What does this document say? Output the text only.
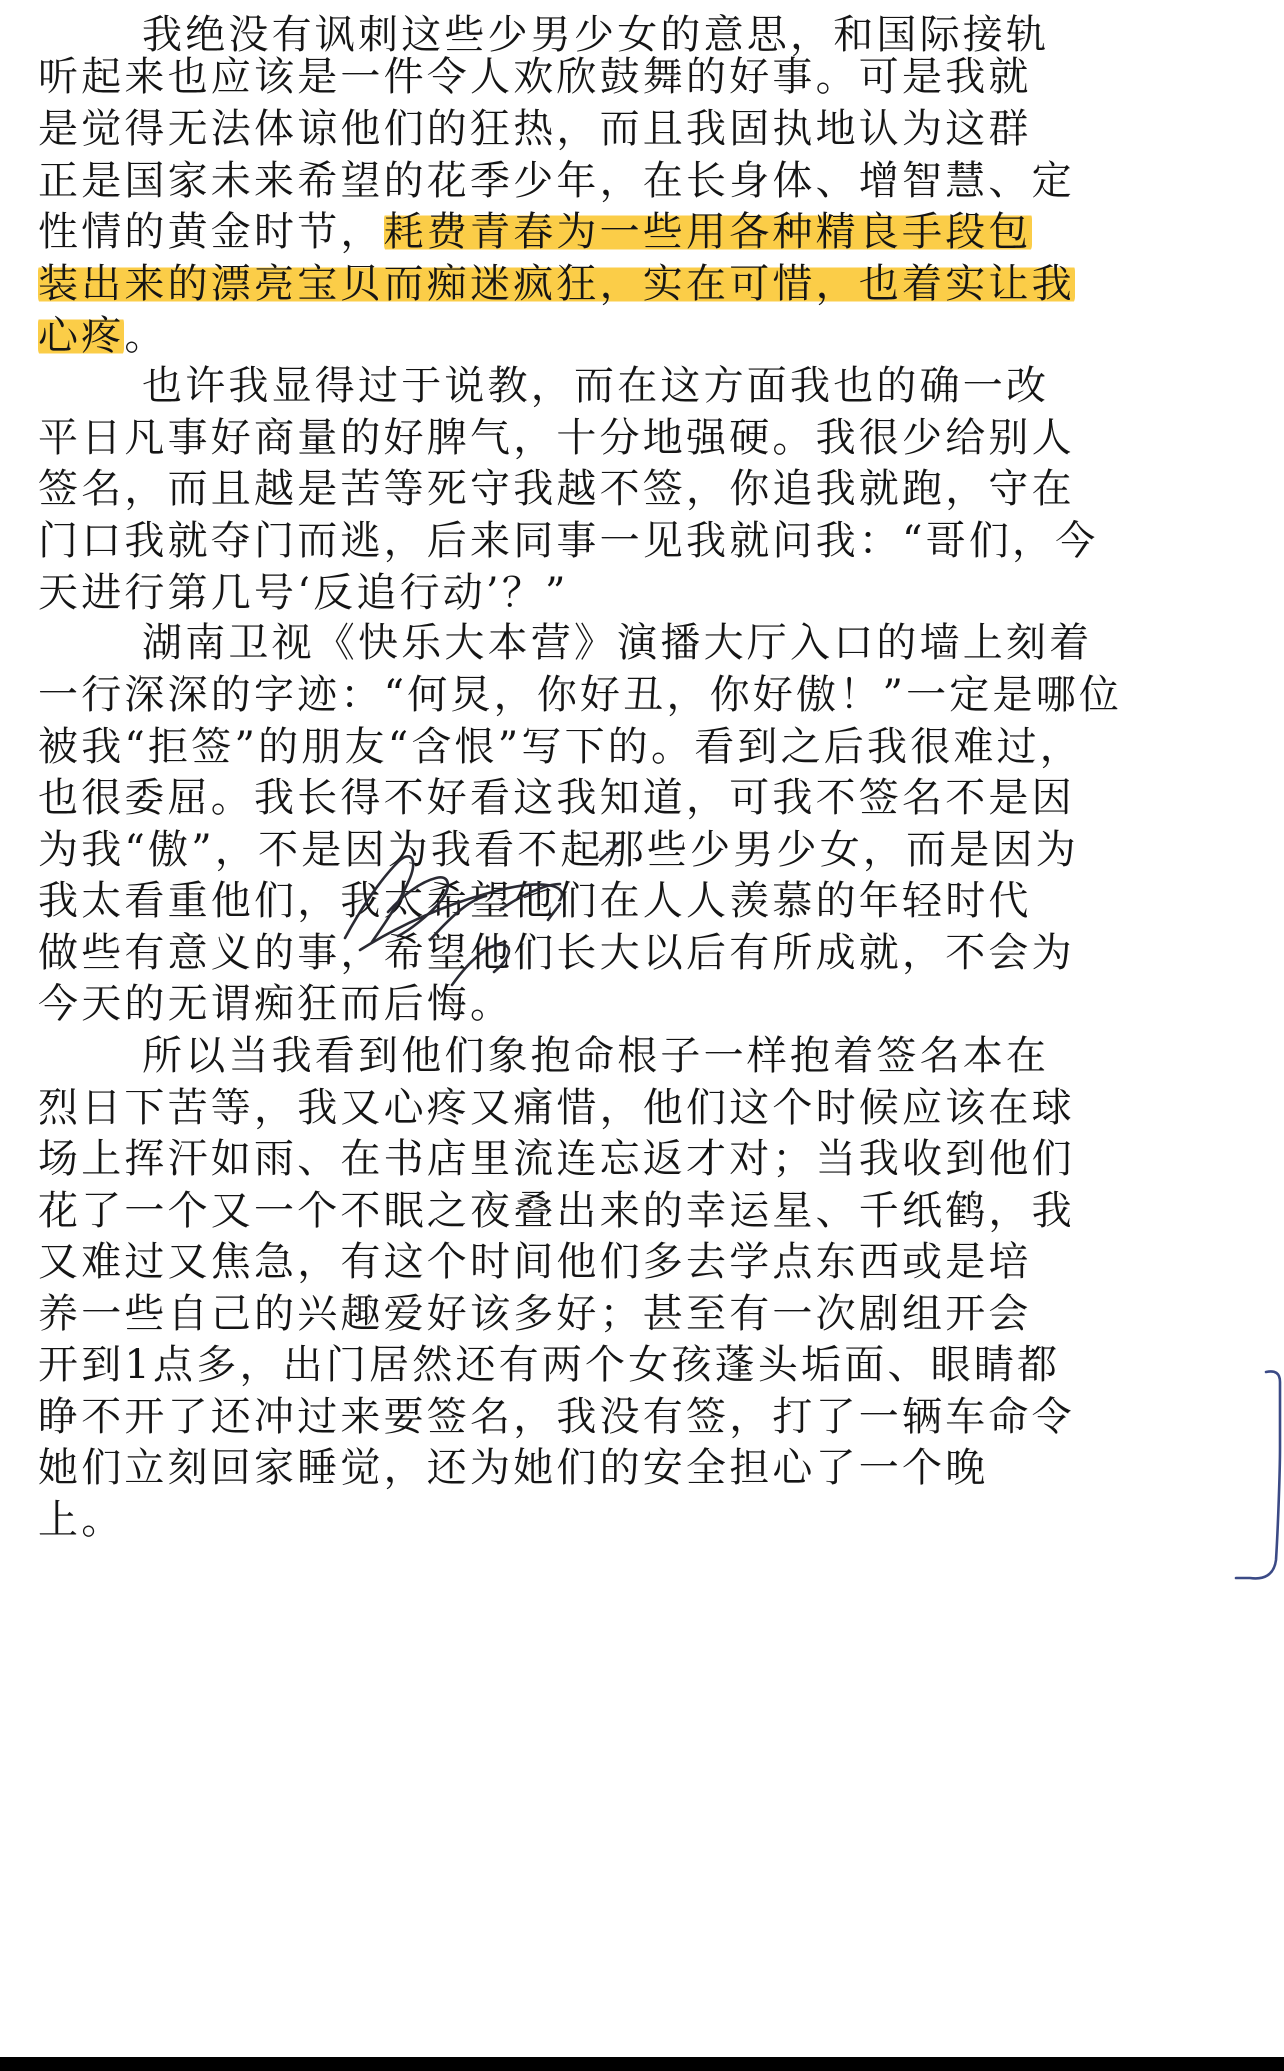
我绝没有讽刺这些少男少女的意思，和国际接轨
听起来也应该是一件令人欢欣鼓舞的好事。可是我就
是觉得无法体谅他们的狂热，而且我固执地认为这群
正是国家未来希望的花季少年，在长身体、增智慧、定
性情的黄金时节，耗费青春为一些用各种精良手段包
装出来的漂亮宝贝而痴迷疯狂，实在可惜，也着实让我
心疼。
也许我显得过于说教，而在这方面我也的确一改
平日凡事好商量的好脾气，十分地强硬。我很少给别人
签名，而且越是苦等死守我越不签，你追我就跑，守在
门口我就夺门而逃，后来同事一见我就问我：“哥们，今
天进行第几号‘反追行动’？”
湖南卫视《快乐大本营》演播大厅入口的墙上刻着
一行深深的字迹：“何炅，你好丑，你好傲！”一定是哪位
被我“拒签”的朋友“含恨”写下的。看到之后我很难过，
也很委屈。我长得不好看这我知道，可我不签名不是因
为我“傲”，不是因为我看不起那些少男少女，而是因为
我太看重他们，我太希望他们在人人羡慕的年轻时代
做些有意义的事，希望他们长大以后有所成就，不会为
今天的无谓痴狂而后悔。
所以当我看到他们象抱命根子一样抱着签名本在
烈日下苦等，我又心疼又痛惜，他们这个时候应该在球
场上挥汗如雨、在书店里流连忘返才对；当我收到他们
花了一个又一个不眠之夜叠出来的幸运星、千纸鹤，我
又难过又焦急，有这个时间他们多去学点东西或是培
养一些自己的兴趣爱好该多好；甚至有一次剧组开会
开到1点多，出门居然还有两个女孩蓬头垢面、眼睛都
睁不开了还冲过来要签名，我没有签，打了一辆车命令
她们立刻回家睡觉，还为她们的安全担心了一个晚
上。
